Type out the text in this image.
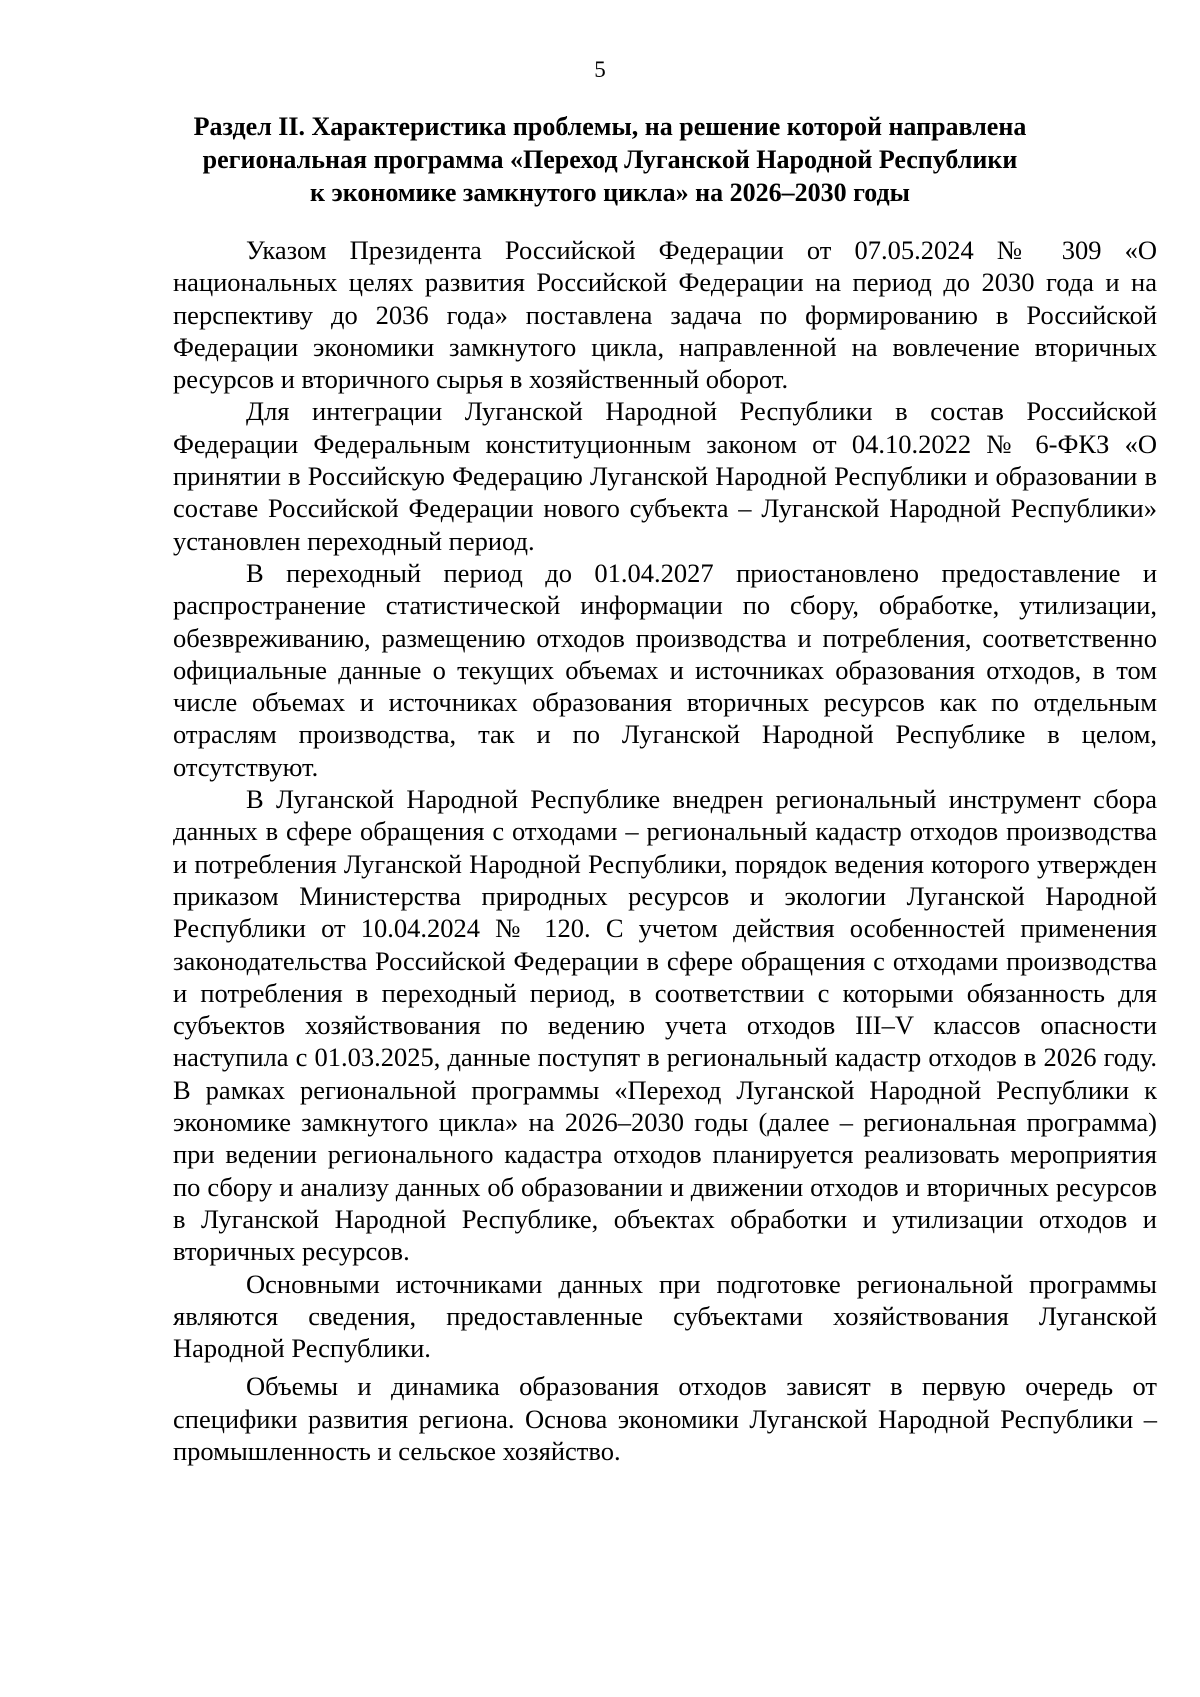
5
Раздел II. Характеристика проблемы, на решение которой направлена
региональная программа «Переход Луганской Народной Республики
к экономике замкнутого цикла» на 2026–2030 годы

Указом Президента Российской Федерации от 07.05.2024 № 309 «О национальных целях развития Российской Федерации на период до 2030 года и на перспективу до 2036 года» поставлена задача по формированию в Российской Федерации экономики замкнутого цикла, направленной на вовлечение вторичных ресурсов и вторичного сырья в хозяйственный оборот.

Для интеграции Луганской Народной Республики в состав Российской Федерации Федеральным конституционным законом от 04.10.2022 № 6-ФКЗ «О принятии в Российскую Федерацию Луганской Народной Республики и образовании в составе Российской Федерации нового субъекта – Луганской Народной Республики» установлен переходный период.

В переходный период до 01.04.2027 приостановлено предоставление и распространение статистической информации по сбору, обработке, утилизации, обезвреживанию, размещению отходов производства и потребления, соответственно официальные данные о текущих объемах и источниках образования отходов, в том числе объемах и источниках образования вторичных ресурсов как по отдельным отраслям производства, так и по Луганской Народной Республике в целом, отсутствуют.

В Луганской Народной Республике внедрен региональный инструмент сбора данных в сфере обращения с отходами – региональный кадастр отходов производства и потребления Луганской Народной Республики, порядок ведения которого утвержден приказом Министерства природных ресурсов и экологии Луганской Народной Республики от 10.04.2024 № 120. С учетом действия особенностей применения законодательства Российской Федерации в сфере обращения с отходами производства и потребления в переходный период, в соответствии с которыми обязанность для субъектов хозяйствования по ведению учета отходов III–V классов опасности наступила с 01.03.2025, данные поступят в региональный кадастр отходов в 2026 году. В рамках региональной программы «Переход Луганской Народной Республики к экономике замкнутого цикла» на 2026–2030 годы (далее – региональная программа) при ведении регионального кадастра отходов планируется реализовать мероприятия по сбору и анализу данных об образовании и движении отходов и вторичных ресурсов в Луганской Народной Республике, объектах обработки и утилизации отходов и вторичных ресурсов.

Основными источниками данных при подготовке региональной программы являются сведения, предоставленные субъектами хозяйствования Луганской Народной Республики.

Объемы и динамика образования отходов зависят в первую очередь от специфики развития региона. Основа экономики Луганской Народной Республики – промышленность и сельское хозяйство.
